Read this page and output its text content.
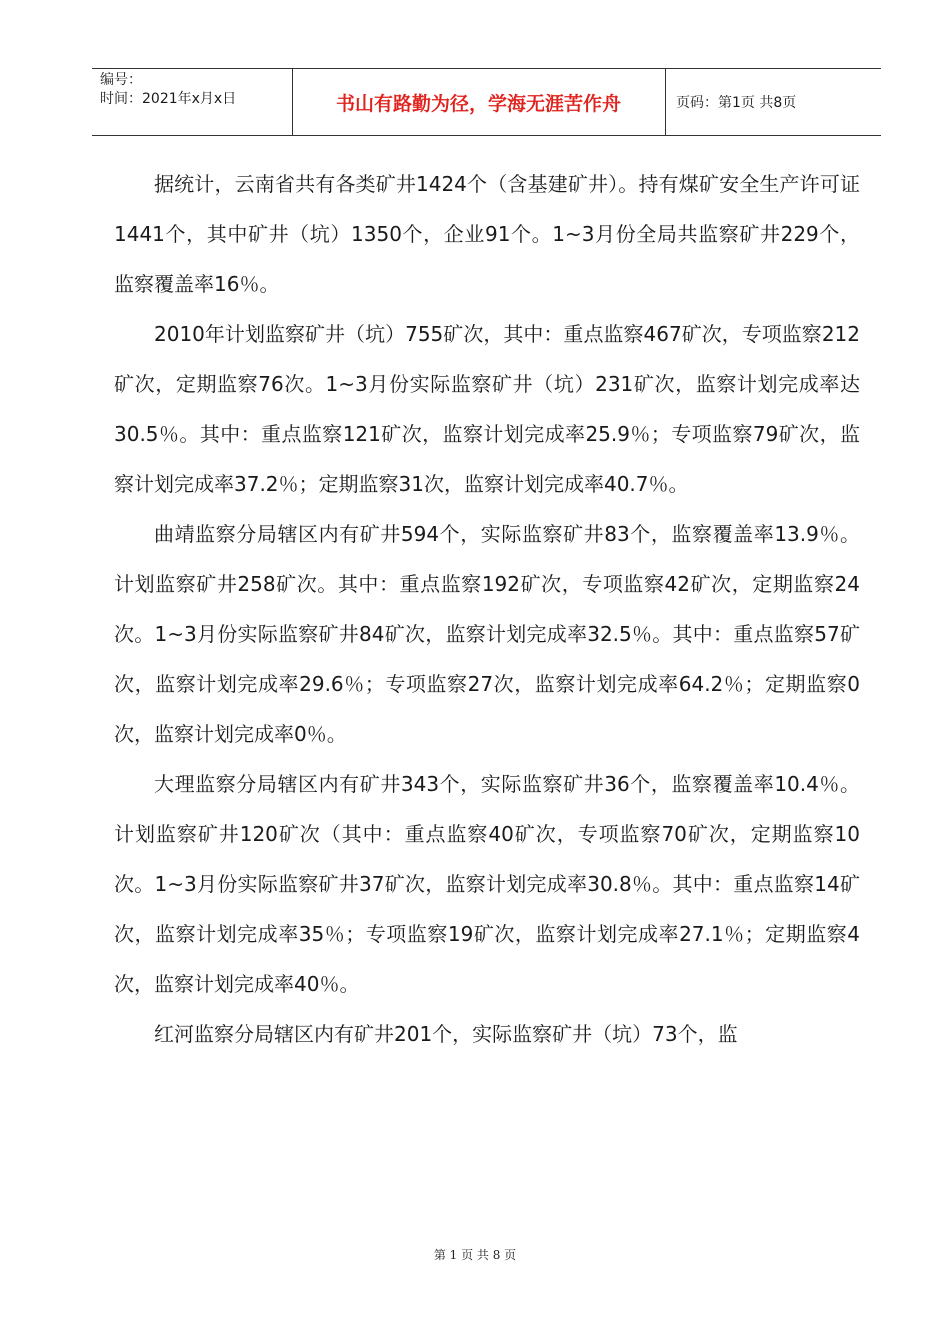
编号：
时间：2021年x月x日	书山有路勤为径，学海无涯苦作舟	页码：第1页 共8页

据统计，云南省共有各类矿井1424个（含基建矿井）。持有煤矿安全生产许可证1441个，其中矿井（坑）1350个，企业91个。1~3月份全局共监察矿井229个，监察覆盖率16％。

2010年计划监察矿井（坑）755矿次，其中：重点监察467矿次，专项监察212矿次，定期监察76次。1~3月份实际监察矿井（坑）231矿次，监察计划完成率达30.5％。其中：重点监察121矿次，监察计划完成率25.9％；专项监察79矿次，监察计划完成率37.2％；定期监察31次，监察计划完成率40.7％。

曲靖监察分局辖区内有矿井594个，实际监察矿井83个，监察覆盖率13.9％。计划监察矿井258矿次。其中：重点监察192矿次，专项监察42矿次，定期监察24次。1~3月份实际监察矿井84矿次，监察计划完成率32.5％。其中：重点监察57矿次，监察计划完成率29.6％；专项监察27次，监察计划完成率64.2％；定期监察0次，监察计划完成率0％。

大理监察分局辖区内有矿井343个，实际监察矿井36个，监察覆盖率10.4％。计划监察矿井120矿次（其中：重点监察40矿次，专项监察70矿次，定期监察10次。1~3月份实际监察矿井37矿次，监察计划完成率30.8％。其中：重点监察14矿次，监察计划完成率35％；专项监察19矿次，监察计划完成率27.1％；定期监察4次，监察计划完成率40％。

红河监察分局辖区内有矿井201个，实际监察矿井（坑）73个，监

第 1 页 共 8 页
